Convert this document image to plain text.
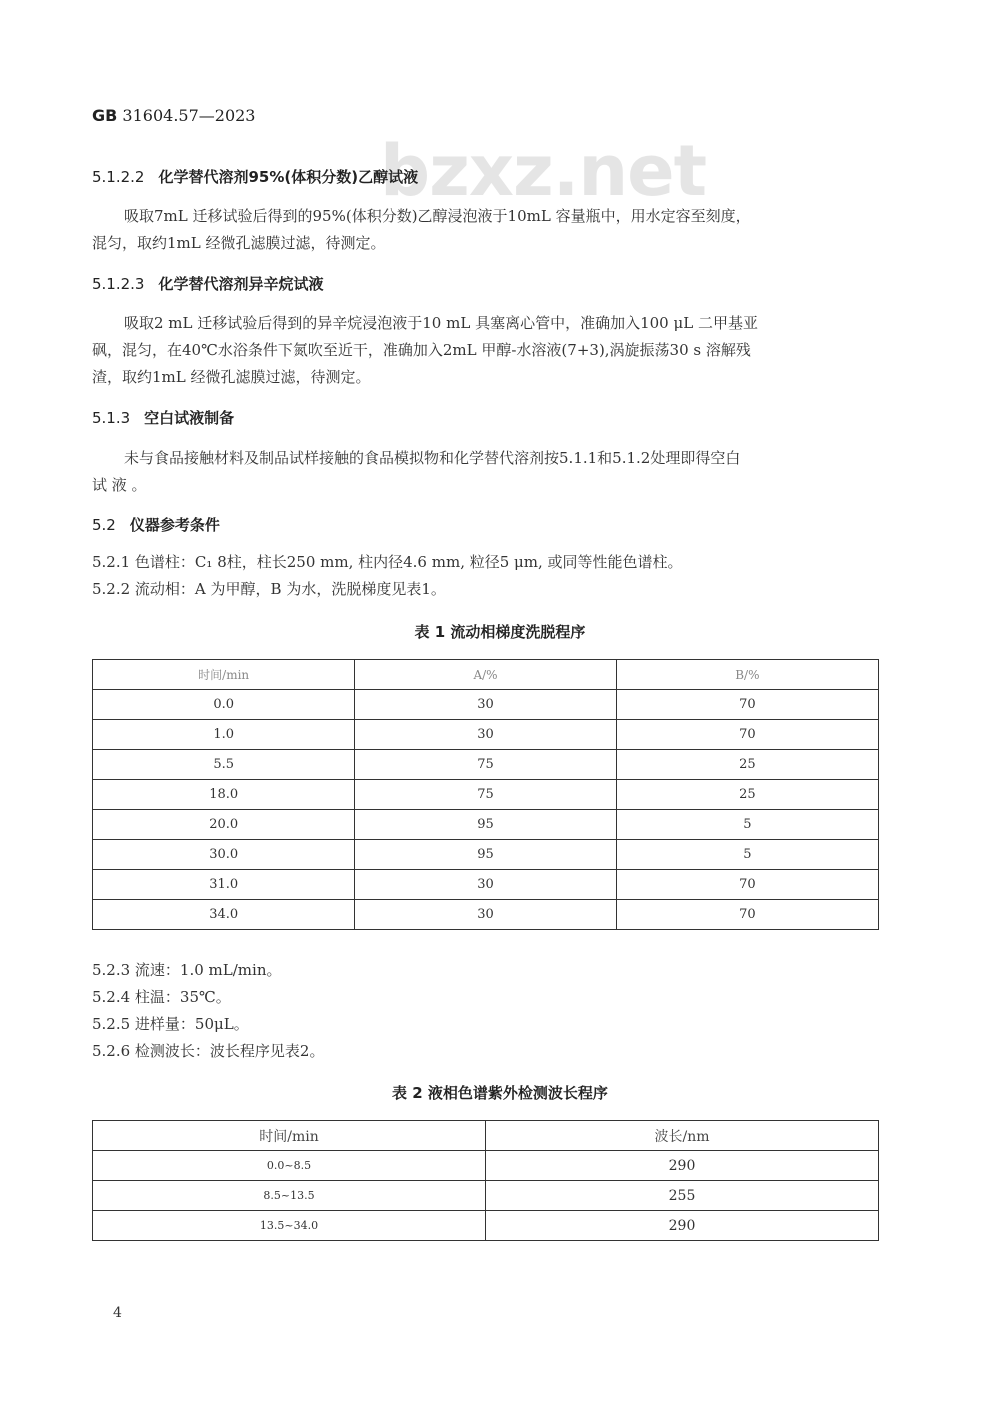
GB 31604.57—2023
bzxz.net
5.1.2.2 化学替代溶剂95%(体积分数)乙醇试液
吸取7mL 迁移试验后得到的95%(体积分数)乙醇浸泡液于10mL 容量瓶中，用水定容至刻度，
混匀，取约1mL 经微孔滤膜过滤，待测定。
5.1.2.3 化学替代溶剂异辛烷试液
吸取2 mL 迁移试验后得到的异辛烷浸泡液于10 mL 具塞离心管中，准确加入100 μL 二甲基亚
砜，混匀，在40℃水浴条件下氮吹至近干，准确加入2mL 甲醇-水溶液(7+3),涡旋振荡30 s 溶解残
渣，取约1mL 经微孔滤膜过滤，待测定。
5.1.3 空白试液制备
未与食品接触材料及制品试样接触的食品模拟物和化学替代溶剂按5.1.1和5.1.2处理即得空白
试 液 。
5.2 仪器参考条件
5.2.1 色谱柱：C₁ 8柱，柱长250 mm, 柱内径4.6 mm, 粒径5 μm, 或同等性能色谱柱。
5.2.2 流动相：A 为甲醇，B 为水，洗脱梯度见表1。
表 1 流动相梯度洗脱程序
时间/min	A/%	B/%
0.0	30	70
1.0	30	70
5.5	75	25
18.0	75	25
20.0	95	5
30.0	95	5
31.0	30	70
34.0	30	70
5.2.3 流速：1.0 mL/min。
5.2.4 柱温：35℃。
5.2.5 进样量：50μL。
5.2.6 检测波长：波长程序见表2。
表 2 液相色谱紫外检测波长程序
时间/min	波长/nm
0.0~8.5	290
8.5~13.5	255
13.5~34.0	290
4
